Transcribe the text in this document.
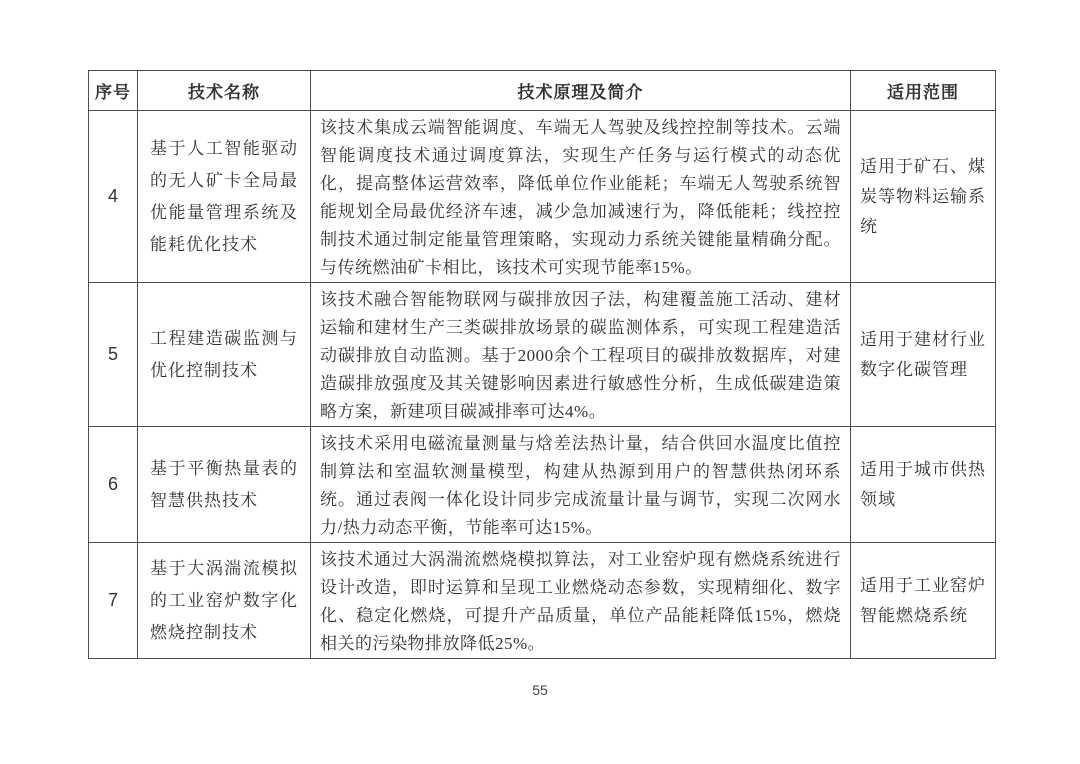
序号	技术名称	技术原理及简介	适用范围
4	基于人工智能驱动的无人矿卡全局最优能量管理系统及能耗优化技术	该技术集成云端智能调度、车端无人驾驶及线控控制等技术。云端智能调度技术通过调度算法，实现生产任务与运行模式的动态优化，提高整体运营效率，降低单位作业能耗；车端无人驾驶系统智能规划全局最优经济车速，减少急加减速行为，降低能耗；线控控制技术通过制定能量管理策略，实现动力系统关键能量精确分配。与传统燃油矿卡相比，该技术可实现节能率15%。	适用于矿石、煤炭等物料运输系统
5	工程建造碳监测与优化控制技术	该技术融合智能物联网与碳排放因子法，构建覆盖施工活动、建材运输和建材生产三类碳排放场景的碳监测体系，可实现工程建造活动碳排放自动监测。基于2000余个工程项目的碳排放数据库，对建造碳排放强度及其关键影响因素进行敏感性分析，生成低碳建造策略方案，新建项目碳减排率可达4%。	适用于建材行业数字化碳管理
6	基于平衡热量表的智慧供热技术	该技术采用电磁流量测量与焓差法热计量，结合供回水温度比值控制算法和室温软测量模型，构建从热源到用户的智慧供热闭环系统。通过表阀一体化设计同步完成流量计量与调节，实现二次网水力/热力动态平衡，节能率可达15%。	适用于城市供热领域
7	基于大涡湍流模拟的工业窑炉数字化燃烧控制技术	该技术通过大涡湍流燃烧模拟算法，对工业窑炉现有燃烧系统进行设计改造，即时运算和呈现工业燃烧动态参数，实现精细化、数字化、稳定化燃烧，可提升产品质量，单位产品能耗降低15%，燃烧相关的污染物排放降低25%。	适用于工业窑炉智能燃烧系统
55
